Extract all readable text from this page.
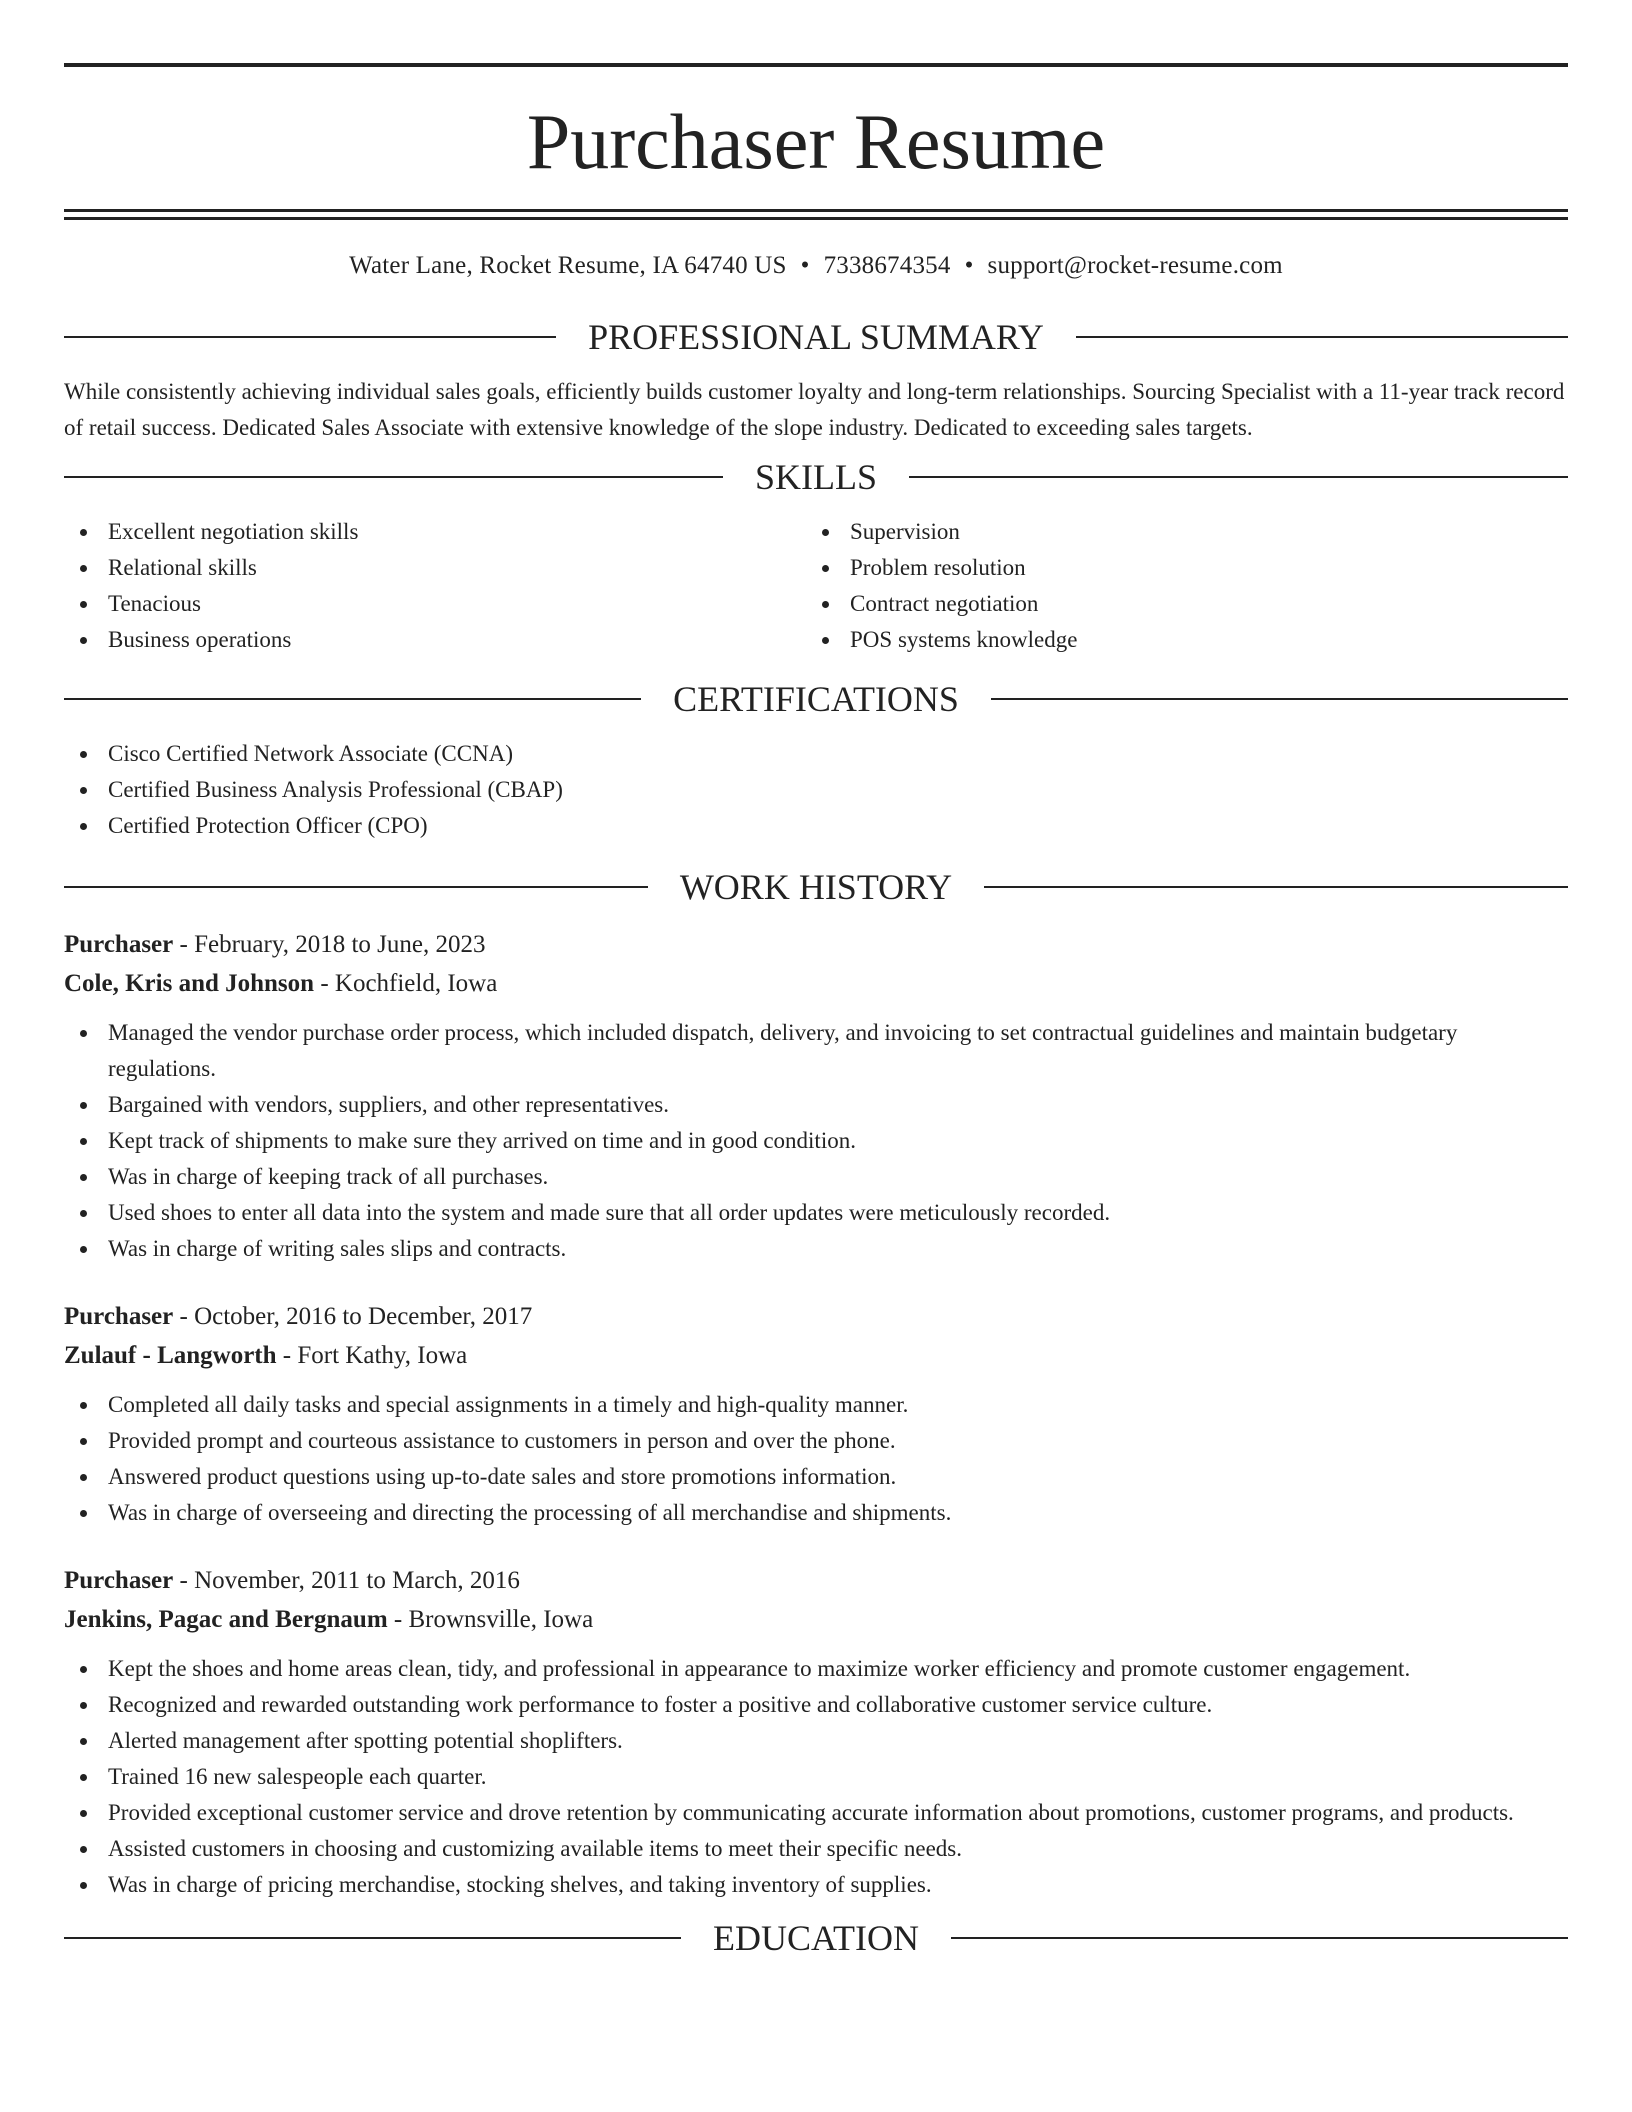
Purchaser Resume
Water Lane, Rocket Resume, IA 64740 US • 7338674354 • support@rocket-resume.com
PROFESSIONAL SUMMARY

While consistently achieving individual sales goals, efficiently builds customer loyalty and long-term relationships. Sourcing Specialist with a 11-year track record of retail success. Dedicated Sales Associate with extensive knowledge of the slope industry. Dedicated to exceeding sales targets.

SKILLS
Excellent negotiation skills
Relational skills
Tenacious
Business operations
Supervision
Problem resolution
Contract negotiation
POS systems knowledge
CERTIFICATIONS
Cisco Certified Network Associate (CCNA)
Certified Business Analysis Professional (CBAP)
Certified Protection Officer (CPO)
WORK HISTORY
Purchaser - February, 2018 to June, 2023
Cole, Kris and Johnson - Kochfield, Iowa
Managed the vendor purchase order process, which included dispatch, delivery, and invoicing to set contractual guidelines and maintain budgetary regulations.
Bargained with vendors, suppliers, and other representatives.
Kept track of shipments to make sure they arrived on time and in good condition.
Was in charge of keeping track of all purchases.
Used shoes to enter all data into the system and made sure that all order updates were meticulously recorded.
Was in charge of writing sales slips and contracts.
Purchaser - October, 2016 to December, 2017
Zulauf - Langworth - Fort Kathy, Iowa
Completed all daily tasks and special assignments in a timely and high-quality manner.
Provided prompt and courteous assistance to customers in person and over the phone.
Answered product questions using up-to-date sales and store promotions information.
Was in charge of overseeing and directing the processing of all merchandise and shipments.
Purchaser - November, 2011 to March, 2016
Jenkins, Pagac and Bergnaum - Brownsville, Iowa
Kept the shoes and home areas clean, tidy, and professional in appearance to maximize worker efficiency and promote customer engagement.
Recognized and rewarded outstanding work performance to foster a positive and collaborative customer service culture.
Alerted management after spotting potential shoplifters.
Trained 16 new salespeople each quarter.
Provided exceptional customer service and drove retention by communicating accurate information about promotions, customer programs, and products.
Assisted customers in choosing and customizing available items to meet their specific needs.
Was in charge of pricing merchandise, stocking shelves, and taking inventory of supplies.
EDUCATION
